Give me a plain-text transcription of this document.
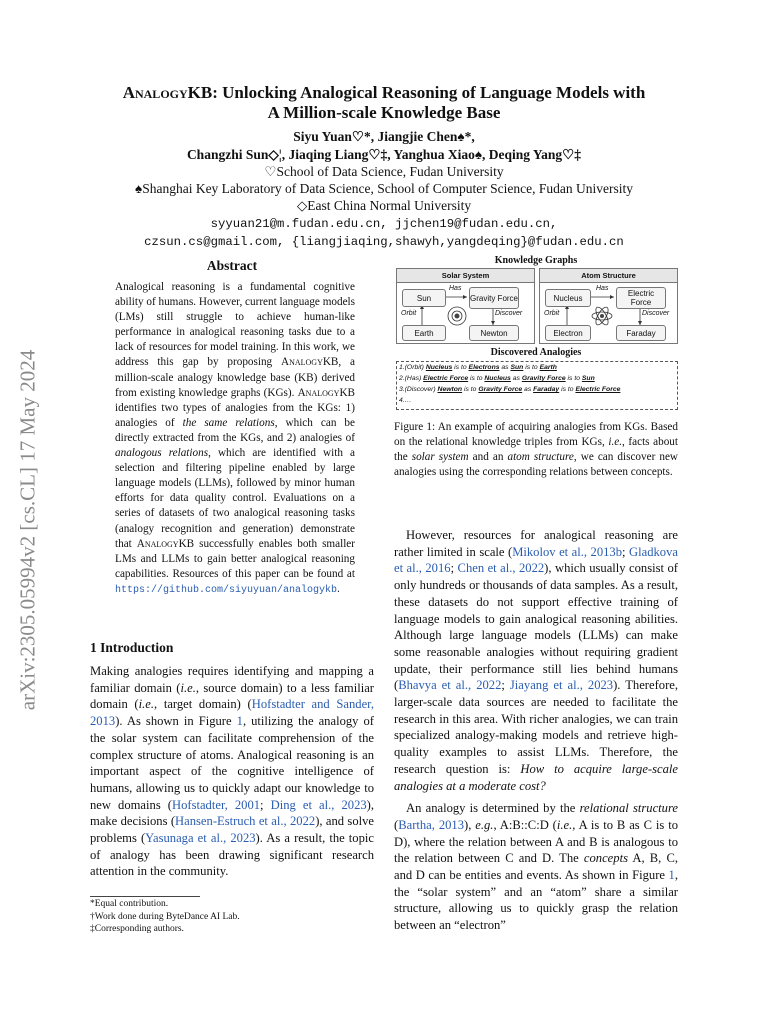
arXiv:2305.05994v2 [cs.CL] 17 May 2024
AnalogyKB: Unlocking Analogical Reasoning of Language Models with
A Million-scale Knowledge Base
Siyu Yuan♡*, Jiangjie Chen♠*,
Changzhi Sun◇¦, Jiaqing Liang♡‡, Yanghua Xiao♠, Deqing Yang♡‡
♡School of Data Science, Fudan University
♠Shanghai Key Laboratory of Data Science, School of Computer Science, Fudan University
◇East China Normal University
syyuan21@m.fudan.edu.cn, jjchen19@fudan.edu.cn,
czsun.cs@gmail.com, {liangjiaqing,shawyh,yangdeqing}@fudan.edu.cn
Abstract

Analogical reasoning is a fundamental cognitive ability of humans. However, current language models (LMs) still struggle to achieve human-like performance in analogical reasoning tasks due to a lack of resources for model training. In this work, we address this gap by proposing AnalogyKB, a million-scale analogy knowledge base (KB) derived from existing knowledge graphs (KGs). AnalogyKB identifies two types of analogies from the KGs: 1) analogies of the same relations, which can be directly extracted from the KGs, and 2) analogies of analogous relations, which are identified with a selection and filtering pipeline enabled by large language models (LLMs), followed by minor human efforts for data quality control. Evaluations on a series of datasets of two analogical reasoning tasks (analogy recognition and generation) demonstrate that AnalogyKB successfully enables both smaller LMs and LLMs to gain better analogical reasoning capabilities. Resources of this paper can be found at https://github.com/siyuyuan/analogykb.

1 Introduction

Making analogies requires identifying and mapping a familiar domain (i.e., source domain) to a less familiar domain (i.e., target domain) (Hofstadter and Sander, 2013). As shown in Figure 1, utilizing the analogy of the solar system can facilitate comprehension of the complex structure of atoms. Analogical reasoning is an important aspect of the cognitive intelligence of humans, allowing us to quickly adapt our knowledge to new domains (Hofstadter, 2001; Ding et al., 2023), make decisions (Hansen-Estruch et al., 2022), and solve problems (Yasunaga et al., 2023). As a result, the topic of analogy has been drawing significant research attention in the community.

*Equal contribution.
†Work done during ByteDance AI Lab.
‡Corresponding authors.
Knowledge Graphs
Solar System
Sun	Gravity Force
Earth	Newton
Has
Orbit	Discover
Atom Structure
Nucleus	Electric Force
Electron	Faraday
Has
Orbit	Discover
Discovered Analogies
1.(Orbit) Nucleus is to Electrons as Sun is to Earth
2.(Has) Electric Force is to Nucleus as Gravity Force is to Sun
3.(Discover) Newton is to Gravity Force as Faraday is to Electric Force
4.…
Figure 1: An example of acquiring analogies from KGs. Based on the relational knowledge triples from KGs, i.e., facts about the solar system and an atom structure, we can discover new analogies using the corresponding relations between concepts.

However, resources for analogical reasoning are rather limited in scale (Mikolov et al., 2013b; Gladkova et al., 2016; Chen et al., 2022), which usually consist of only hundreds or thousands of data samples. As a result, these datasets do not support effective training of language models to gain analogical reasoning abilities. Although large language models (LLMs) can make some reasonable analogies without requiring gradient update, their performance still lies behind humans (Bhavya et al., 2022; Jiayang et al., 2023). Therefore, larger-scale data sources are needed to facilitate the research in this area. With richer analogies, we can train specialized analogy-making models and retrieve high-quality examples to assist LLMs. Therefore, the research question is: How to acquire large-scale analogies at a moderate cost?

An analogy is determined by the relational structure (Bartha, 2013), e.g., A:B::C:D (i.e., A is to B as C is to D), where the relation between A and B is analogous to the relation between C and D. The concepts A, B, C, and D can be entities and events. As shown in Figure 1, the “solar system” and an “atom” share a similar structure, allowing us to quickly grasp the relation between an “electron”
